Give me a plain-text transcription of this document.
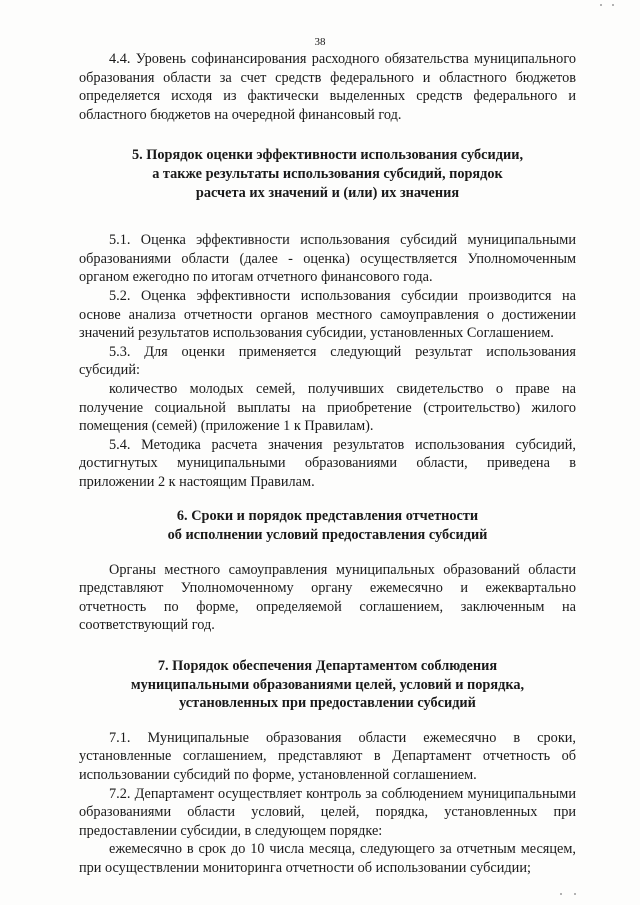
38

4.4. Уровень софинансирования расходного обязательства муниципального образования области за счет средств федерального и областного бюджетов определяется исходя из фактически выделенных средств федерального и областного бюджетов на очередной финансовый год.

5. Порядок оценки эффективности использования субсидии,
а также результаты использования субсидий, порядок
расчета их значений и (или) их значения

5.1. Оценка эффективности использования субсидий муниципальными образованиями области (далее - оценка) осуществляется Уполномоченным органом ежегодно по итогам отчетного финансового года.

5.2. Оценка эффективности использования субсидии производится на основе анализа отчетности органов местного самоуправления о достижении значений результатов использования субсидии, установленных Соглашением.

5.3. Для оценки применяется следующий результат использования субсидий:

количество молодых семей, получивших свидетельство о праве на получение социальной выплаты на приобретение (строительство) жилого помещения (семей) (приложение 1 к Правилам).

5.4. Методика расчета значения результатов использования субсидий, достигнутых муниципальными образованиями области, приведена в приложении 2 к настоящим Правилам.

6. Сроки и порядок представления отчетности
об исполнении условий предоставления субсидий

Органы местного самоуправления муниципальных образований области представляют Уполномоченному органу ежемесячно и ежеквартально отчетность по форме, определяемой соглашением, заключенным на соответствующий год.

7. Порядок обеспечения Департаментом соблюдения
муниципальными образованиями целей, условий и порядка,
установленных при предоставлении субсидий

7.1. Муниципальные образования области ежемесячно в сроки, установленные соглашением, представляют в Департамент отчетность об использовании субсидий по форме, установленной соглашением.

7.2. Департамент осуществляет контроль за соблюдением муниципальными образованиями области условий, целей, порядка, установленных при предоставлении субсидии, в следующем порядке:

ежемесячно в срок до 10 числа месяца, следующего за отчетным месяцем, при осуществлении мониторинга отчетности об использовании субсидии;
